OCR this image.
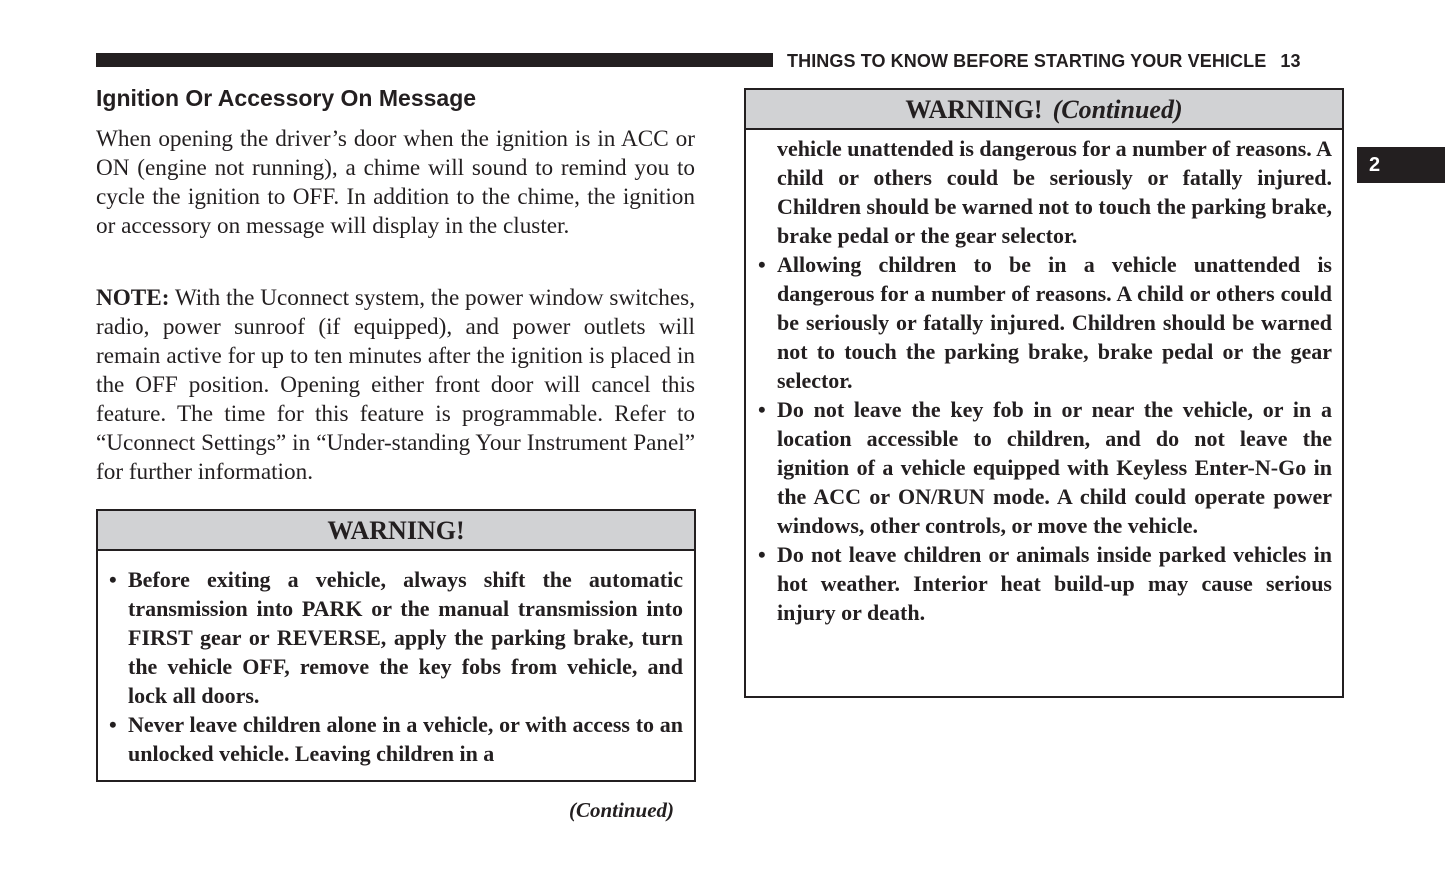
THINGS TO KNOW BEFORE STARTING YOUR VEHICLE 13
2
Ignition Or Accessory On Message

When opening the driver’s door when the ignition is in ACC or ON (engine not running), a chime will sound to remind you to cycle the ignition to OFF. In addition to the chime, the ignition or accessory on message will display in the cluster.

NOTE: With the Uconnect system, the power window switches, radio, power sunroof (if equipped), and power outlets will remain active for up to ten minutes after the ignition is placed in the OFF position. Opening either front door will cancel this feature. The time for this feature is programmable. Refer to “Uconnect Settings” in “Under-standing Your Instrument Panel” for further information.

WARNING!

• Before exiting a vehicle, always shift the automatic transmission into PARK or the manual transmission into FIRST gear or REVERSE, apply the parking brake, turn the vehicle OFF, remove the key fobs from vehicle, and lock all doors.

• Never leave children alone in a vehicle, or with access to an unlocked vehicle. Leaving children in a

(Continued)
WARNING! (Continued)

vehicle unattended is dangerous for a number of reasons. A child or others could be seriously or fatally injured. Children should be warned not to touch the parking brake, brake pedal or the gear selector.

• Allowing children to be in a vehicle unattended is dangerous for a number of reasons. A child or others could be seriously or fatally injured. Children should be warned not to touch the parking brake, brake pedal or the gear selector.

• Do not leave the key fob in or near the vehicle, or in a location accessible to children, and do not leave the ignition of a vehicle equipped with Keyless Enter-N-Go in the ACC or ON/RUN mode. A child could operate power windows, other controls, or move the vehicle.

• Do not leave children or animals inside parked vehicles in hot weather. Interior heat build-up may cause serious injury or death.
